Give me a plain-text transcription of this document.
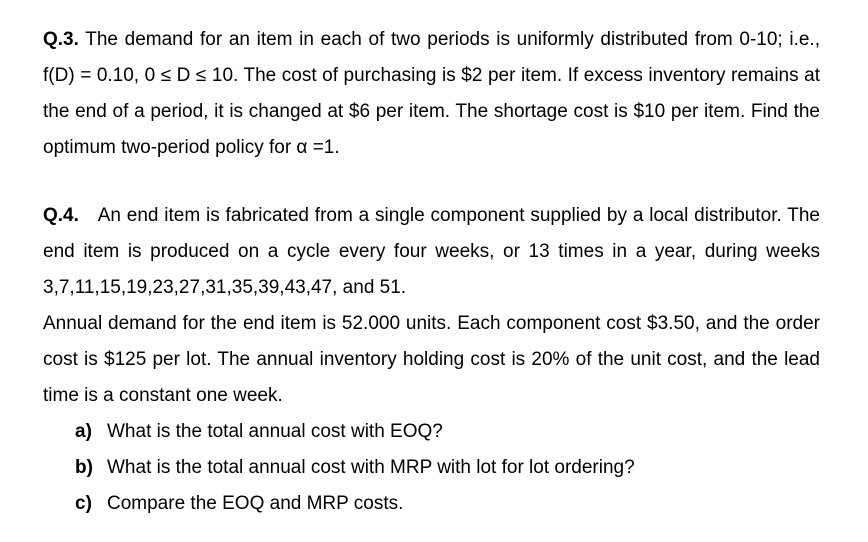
Q.3. The demand for an item in each of two periods is uniformly distributed from 0-10; i.e., f(D) = 0.10, 0 ≤ D ≤ 10. The cost of purchasing is $2 per item. If excess inventory remains at the end of a period, it is changed at $6 per item. The shortage cost is $10 per item. Find the optimum two-period policy for α =1.

Q.4. An end item is fabricated from a single component supplied by a local distributor. The end item is produced on a cycle every four weeks, or 13 times in a year, during weeks 3,7,11,15,19,23,27,31,35,39,43,47, and 51.

Annual demand for the end item is 52.000 units. Each component cost $3.50, and the order cost is $125 per lot. The annual inventory holding cost is 20% of the unit cost, and the lead time is a constant one week.

a) What is the total annual cost with EOQ?
b) What is the total annual cost with MRP with lot for lot ordering?
c) Compare the EOQ and MRP costs.
